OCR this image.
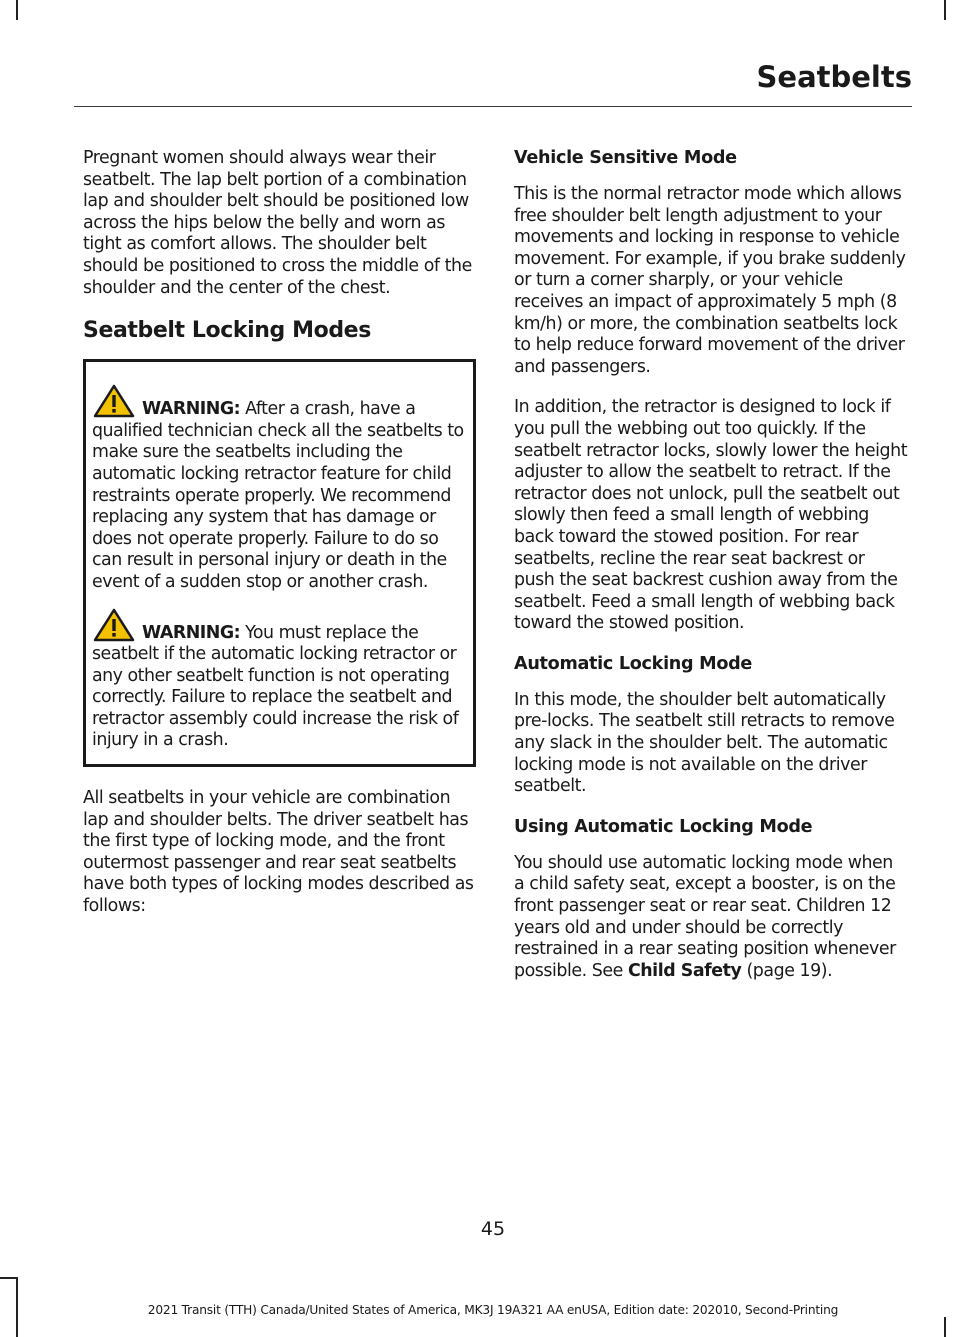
Seatbelts

Pregnant women should always wear their seatbelt. The lap belt portion of a combination lap and shoulder belt should be positioned low across the hips below the belly and worn as tight as comfort allows. The shoulder belt should be positioned to cross the middle of the shoulder and the center of the chest.

Seatbelt Locking Modes

WARNING: After a crash, have a qualified technician check all the seatbelts to make sure the seatbelts including the automatic locking retractor feature for child restraints operate properly. We recommend replacing any system that has damage or does not operate properly. Failure to do so can result in personal injury or death in the event of a sudden stop or another crash.

WARNING: You must replace the seatbelt if the automatic locking retractor or any other seatbelt function is not operating correctly. Failure to replace the seatbelt and retractor assembly could increase the risk of injury in a crash.

All seatbelts in your vehicle are combination lap and shoulder belts. The driver seatbelt has the first type of locking mode, and the front outermost passenger and rear seat seatbelts have both types of locking modes described as follows:

Vehicle Sensitive Mode

This is the normal retractor mode which allows free shoulder belt length adjustment to your movements and locking in response to vehicle movement. For example, if you brake suddenly or turn a corner sharply, or your vehicle receives an impact of approximately 5 mph (8 km/h) or more, the combination seatbelts lock to help reduce forward movement of the driver and passengers.

In addition, the retractor is designed to lock if you pull the webbing out too quickly. If the seatbelt retractor locks, slowly lower the height adjuster to allow the seatbelt to retract. If the retractor does not unlock, pull the seatbelt out slowly then feed a small length of webbing back toward the stowed position. For rear seatbelts, recline the rear seat backrest or push the seat backrest cushion away from the seatbelt. Feed a small length of webbing back toward the stowed position.

Automatic Locking Mode

In this mode, the shoulder belt automatically pre-locks. The seatbelt still retracts to remove any slack in the shoulder belt. The automatic locking mode is not available on the driver seatbelt.

Using Automatic Locking Mode

You should use automatic locking mode when a child safety seat, except a booster, is on the front passenger seat or rear seat. Children 12 years old and under should be correctly restrained in a rear seating position whenever possible. See Child Safety (page 19).

45
2021 Transit (TTH) Canada/United States of America, MK3J 19A321 AA enUSA, Edition date: 202010, Second-Printing
